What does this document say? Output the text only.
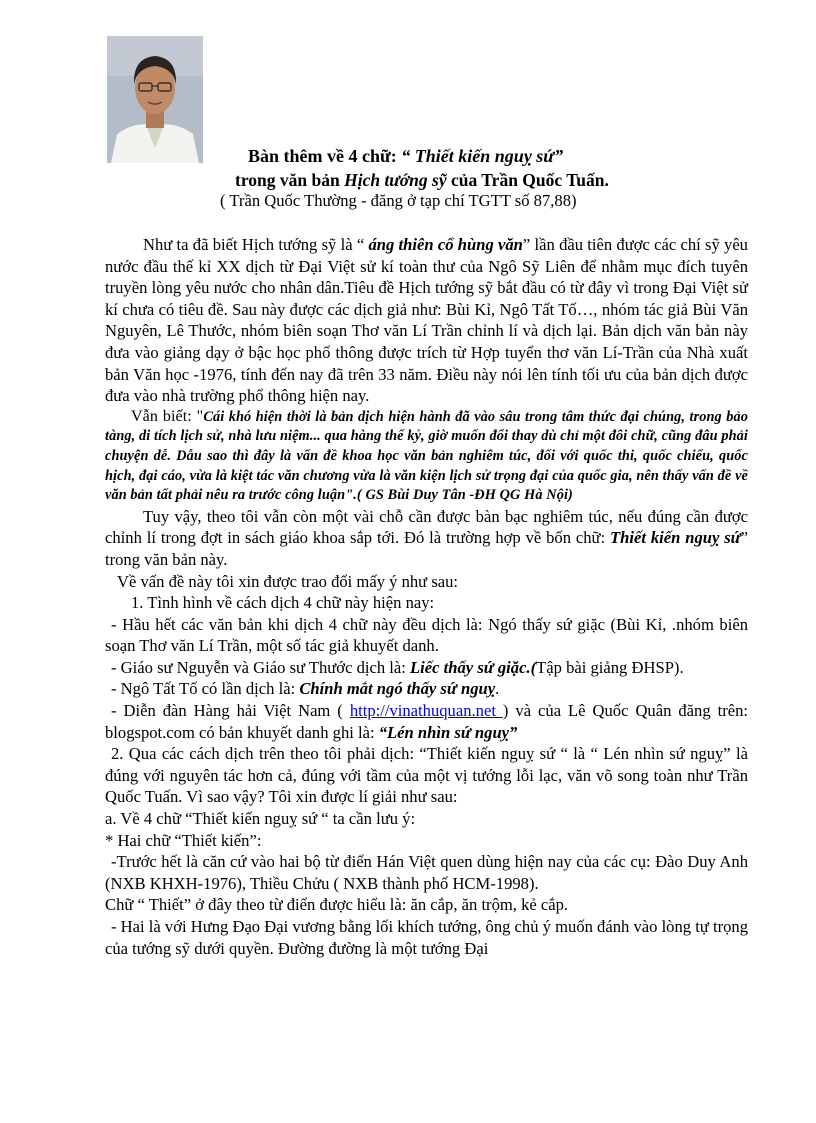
Bàn thêm về 4 chữ: “ Thiết kiến nguỵ sứ”
trong văn bản Hịch tướng sỹ của Trần Quốc Tuấn.
( Trần Quốc Thường - đăng ở tạp chí TGTT số 87,88)

Như ta đã biết Hịch tướng sỹ là “ áng thiên cổ hùng văn” lần đầu tiên được các chí sỹ yêu nước đầu thế kỉ XX dịch từ Đại Việt sử kí toàn thư của Ngô Sỹ Liên để nhằm mục đích tuyên truyền lòng yêu nước cho nhân dân.Tiêu đề Hịch tướng sỹ bắt đầu có từ đây vì trong Đại Việt sử kí chưa có tiêu đề. Sau này được các dịch giả như: Bùi Kỉ, Ngô Tất Tố…, nhóm tác giả Bùi Văn Nguyên, Lê Thước, nhóm biên soạn Thơ văn Lí Trần chỉnh lí và dịch lại. Bản dịch văn bản này đưa vào giảng dạy ở bậc học phổ thông được trích từ Hợp tuyển thơ văn Lí-Trần của Nhà xuất bản Văn học -1976, tính đến nay đã trên 33 năm. Điều này nói lên tính tối ưu của bản dịch được đưa vào nhà trường phổ thông hiện nay.

Vẫn biết: "Cái khó hiện thời là bản dịch hiện hành đã vào sâu trong tâm thức đại chúng, trong bảo tàng, di tích lịch sử, nhà lưu niệm... qua hàng thế kỷ, giờ muốn đổi thay dù chỉ một đôi chữ, cũng đâu phải chuyện dễ. Dẫu sao thì đây là vấn đề khoa học văn bản nghiêm túc, đối với quốc thi, quốc chiếu, quốc hịch, đại cáo, vừa là kiệt tác văn chương vừa là văn kiện lịch sử trọng đại của quốc gia, nên thấy vấn đề về văn bản tất phải nêu ra trước công luận".( GS Bùi Duy Tân -ĐH QG Hà Nội)

Tuy vậy, theo tôi vẫn còn một vài chỗ cần được bàn bạc nghiêm túc, nếu đúng cần được chỉnh lí trong đợt in sách giáo khoa sắp tới. Đó là trường hợp về bốn chữ: Thiết kiến nguỵ sứ” trong văn bản này.

Về vấn đề này tôi xin được trao đổi mấy ý như sau:

1. Tình hình về cách dịch 4 chữ này hiện nay:

- Hầu hết các văn bản khi dịch 4 chữ này đều dịch là: Ngó thấy sứ giặc (Bùi Kỉ, .nhóm biên soạn Thơ văn Lí Trần, một số tác giả khuyết danh.

- Giáo sư Nguyễn và Giáo sư Thước dịch là: Liếc thấy sứ giặc.(Tập bài giảng ĐHSP).

- Ngô Tất Tố có lần dịch là: Chính mắt ngó thấy sứ nguỵ.

- Diễn đàn Hàng hải Việt Nam ( http://vinathuquan.net ) và của Lê Quốc Quân đăng trên: blogspot.com có bản khuyết danh ghi là: “Lén nhìn sứ nguỵ”

2. Qua các cách dịch trên theo tôi phải dịch: “Thiết kiến nguỵ sứ “ là “ Lén nhìn sứ nguỵ” là đúng với nguyên tác hơn cả, đúng với tầm của một vị tướng lỗi lạc, văn võ song toàn như Trần Quốc Tuấn. Vì sao vậy? Tôi xin được lí giải như sau:

a. Về 4 chữ “Thiết kiến nguỵ sứ “ ta cần lưu ý:

* Hai chữ “Thiết kiến”:

-Trước hết là căn cứ vào hai bộ từ điển Hán Việt quen dùng hiện nay của các cụ: Đào Duy Anh (NXB KHXH-1976), Thiều Chửu ( NXB thành phố HCM-1998).

Chữ “ Thiết” ở đây theo từ điển được hiểu là: ăn cắp, ăn trộm, kẻ cắp.

- Hai là với Hưng Đạo Đại vương bằng lối khích tướng, ông chủ ý muốn đánh vào lòng tự trọng của tướng sỹ dưới quyền. Đường đường là một tướng Đại
